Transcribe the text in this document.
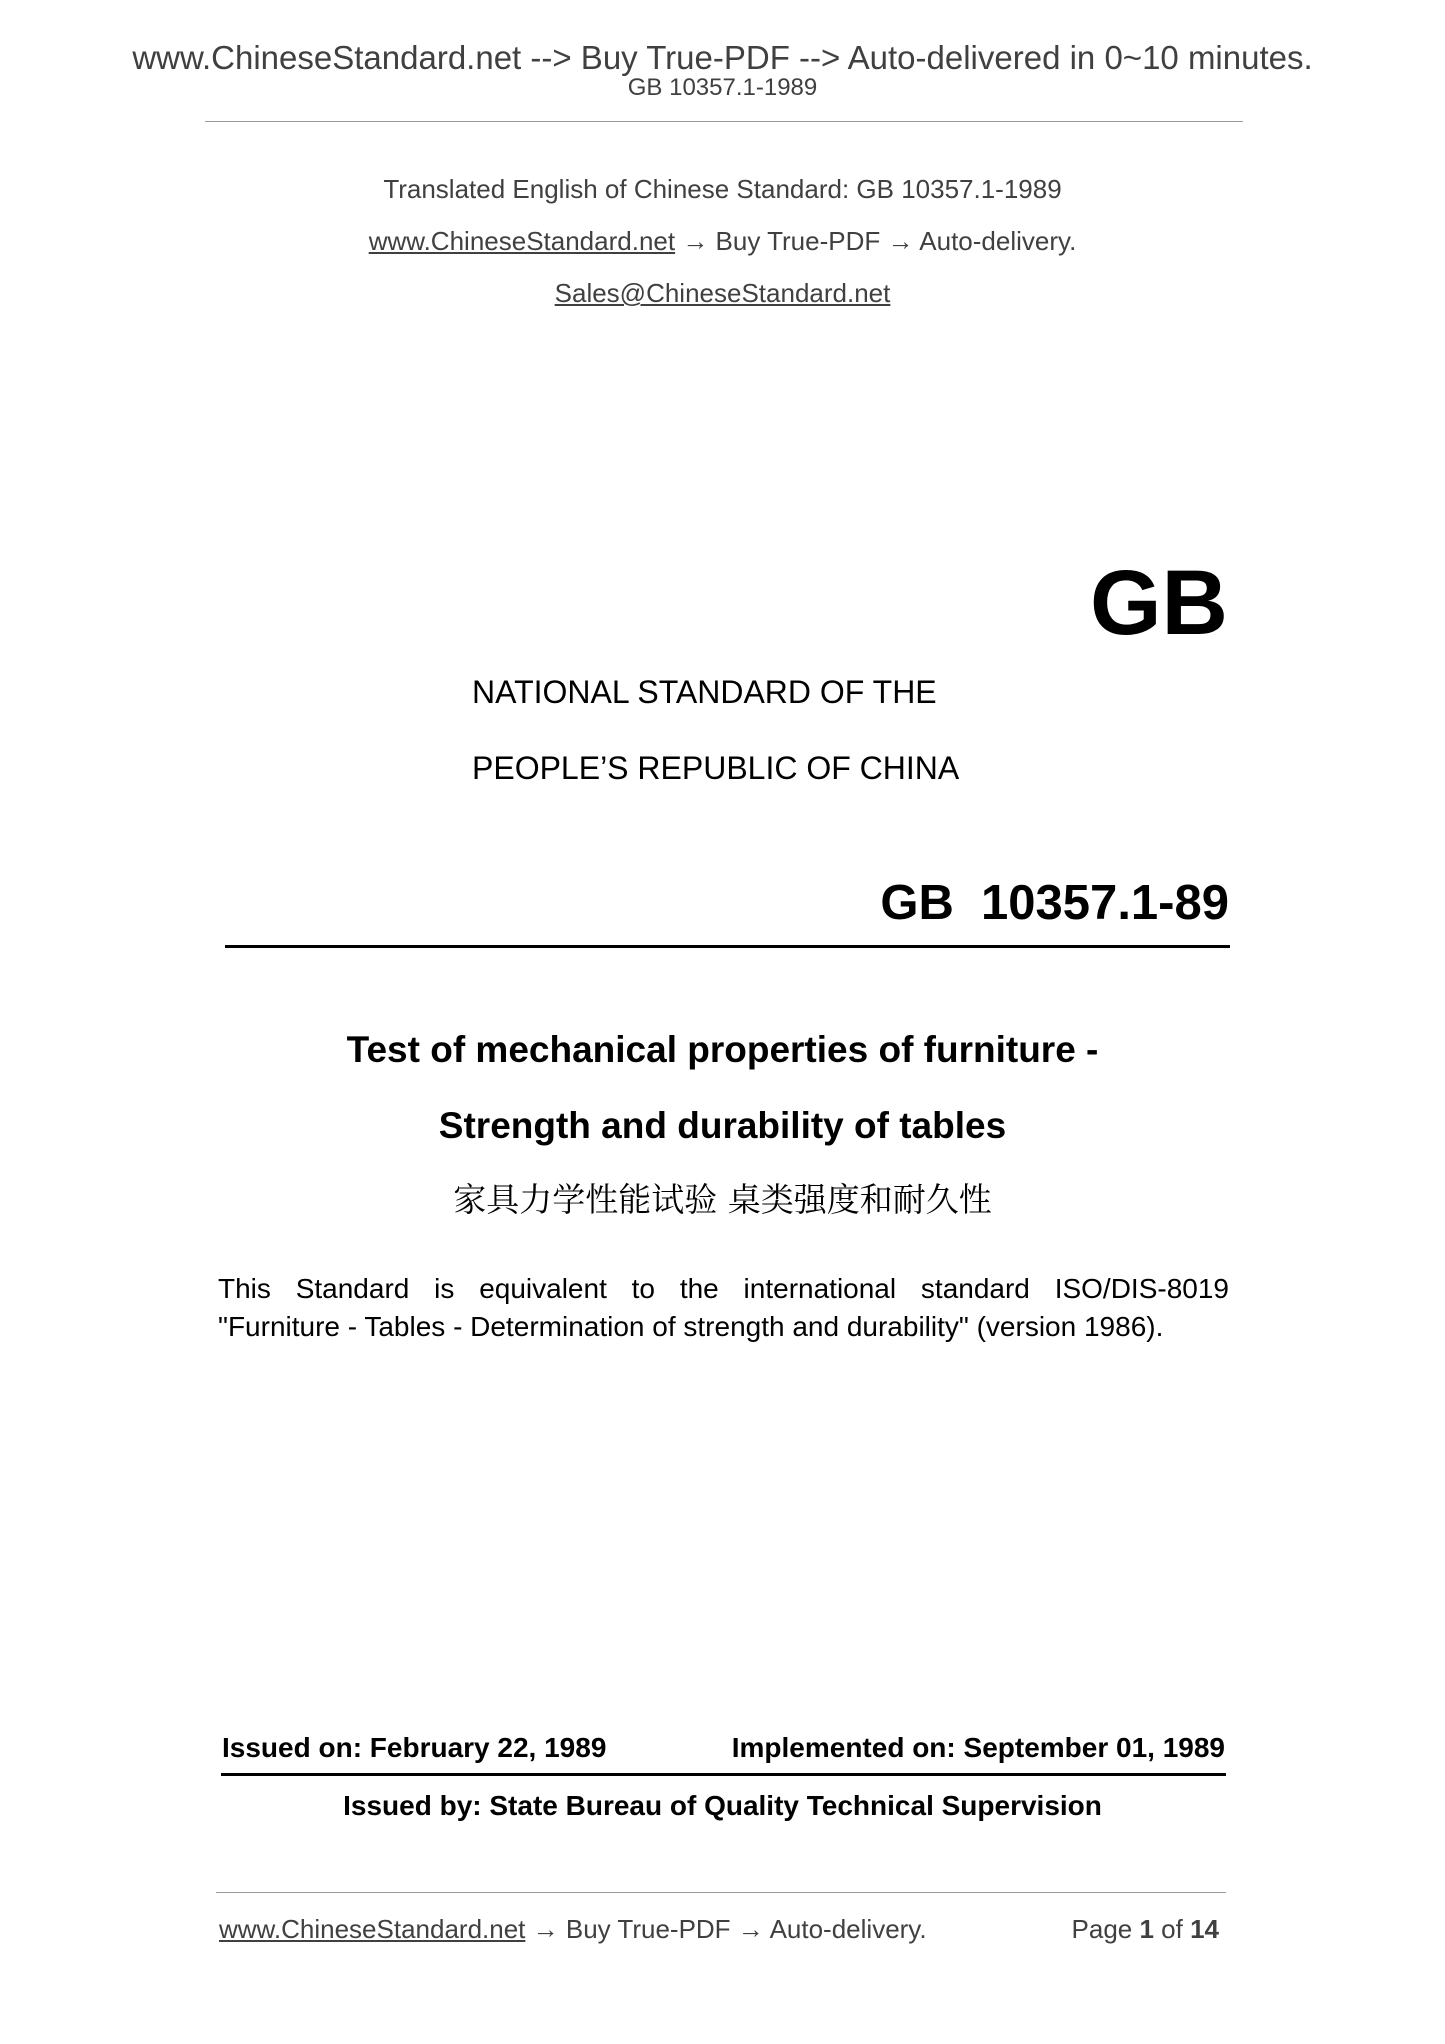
www.ChineseStandard.net --> Buy True-PDF --> Auto-delivered in 0~10 minutes.
GB 10357.1-1989
Translated English of Chinese Standard: GB 10357.1-1989
www.ChineseStandard.net → Buy True-PDF → Auto-delivery.
Sales@ChineseStandard.net
GB
NATIONAL STANDARD OF THE
PEOPLE’S REPUBLIC OF CHINA
GB  10357.1-89
Test of mechanical properties of furniture -
Strength and durability of tables
家具力学性能试验 桌类强度和耐久性
This Standard is equivalent to the international standard ISO/DIS-8019
"Furniture - Tables - Determination of strength and durability" (version 1986).
Issued on: February 22, 1989	Implemented on: September 01, 1989
Issued by: State Bureau of Quality Technical Supervision
www.ChineseStandard.net → Buy True-PDF → Auto-delivery.	Page 1 of 14
